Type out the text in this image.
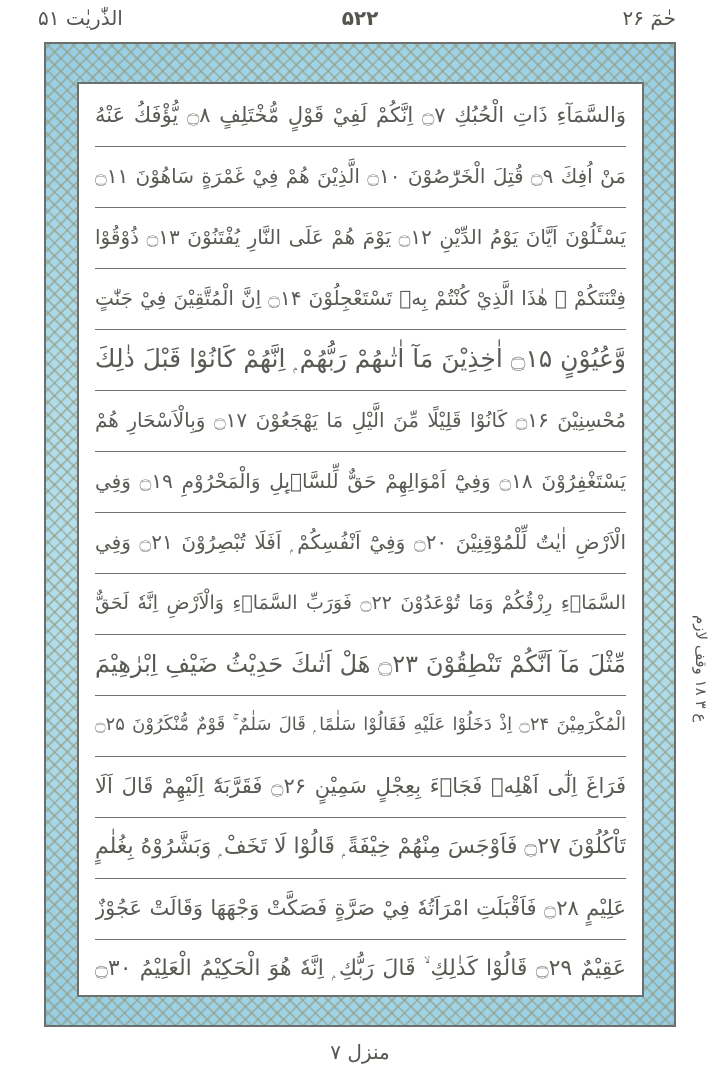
الذّٰريٰت ۵۱	۵۲۲	حٰمٓ ۲۶
وَالسَّمَآءِ ذَاتِ الْحُبُكِ ۝۷ اِنَّكُمْ لَفِيْ قَوْلٍ مُّخْتَلِفٍ ۝۸ يُّؤْفَكُ عَنْهُ
مَنْ اُفِكَ ۝۹ قُتِلَ الْخَرّٰصُوْنَ ۝۱۰ الَّذِيْنَ هُمْ فِيْ غَمْرَةٍ سَاهُوْنَ ۝۱۱
يَسْـَٔلُوْنَ اَيَّانَ يَوْمُ الدِّيْنِ ۝۱۲ يَوْمَ هُمْ عَلَى النَّارِ يُفْتَنُوْنَ ۝۱۳ ذُوْقُوْا
فِتْنَتَكُمْ ۭ هٰذَا الَّذِيْ كُنْتُمْ بِهٖ تَسْتَعْجِلُوْنَ ۝۱۴ اِنَّ الْمُتَّقِيْنَ فِيْ جَنّٰتٍ
وَّعُيُوْنٍ ۝۱۵ اٰخِذِيْنَ مَآ اٰتٰىهُمْ رَبُّهُمْ ۭ اِنَّهُمْ كَانُوْا قَبْلَ ذٰلِكَ
مُحْسِنِيْنَ ۝۱۶ كَانُوْا قَلِيْلًا مِّنَ الَّيْلِ مَا يَهْجَعُوْنَ ۝۱۷ وَبِالْاَسْحَارِ هُمْ
يَسْتَغْفِرُوْنَ ۝۱۸ وَفِيْٓ اَمْوَالِهِمْ حَقٌّ لِّلسَّاۗىِٕلِ وَالْمَحْرُوْمِ ۝۱۹ وَفِي
الْاَرْضِ اٰيٰتٌ لِّلْمُوْقِنِيْنَ ۝۲۰ وَفِيْٓ اَنْفُسِكُمْ ۭ اَفَلَا تُبْصِرُوْنَ ۝۲۱ وَفِي
السَّمَاۗءِ رِزْقُكُمْ وَمَا تُوْعَدُوْنَ ۝۲۲ فَوَرَبِّ السَّمَاۗءِ وَالْاَرْضِ اِنَّهٗ لَحَقٌّ
مِّثْلَ مَآ اَنَّكُمْ تَنْطِقُوْنَ ۝۲۳ هَلْ اَتٰىكَ حَدِيْثُ ضَيْفِ اِبْرٰهِيْمَ
الْمُكْرَمِيْنَ ۝۲۴ اِذْ دَخَلُوْا عَلَيْهِ فَقَالُوْا سَلٰمًا ۭ قَالَ سَلٰمٌ ۚ قَوْمٌ مُّنْكَرُوْنَ ۝۲۵
فَرَاغَ اِلٰٓى اَهْلِهٖ فَجَاۗءَ بِعِجْلٍ سَمِيْنٍ ۝۲۶ فَقَرَّبَهٗٓ اِلَيْهِمْ قَالَ اَلَا
تَاْكُلُوْنَ ۝۲۷ فَاَوْجَسَ مِنْهُمْ خِيْفَةً ۭ قَالُوْا لَا تَخَفْ ۭ وَبَشَّرُوْهُ بِغُلٰمٍ
عَلِيْمٍ ۝۲۸ فَاَقْبَلَتِ امْرَاَتُهٗ فِيْ صَرَّةٍ فَصَكَّتْ وَجْهَهَا وَقَالَتْ عَجُوْزٌ
عَقِيْمٌ ۝۲۹ قَالُوْا كَذٰلِكِ ۙ قَالَ رَبُّكِ ۭ اِنَّهٗ هُوَ الْحَكِيْمُ الْعَلِيْمُ ۝۳۰
ع ۳ ۱۸ وقف لازم
منزل ۷
